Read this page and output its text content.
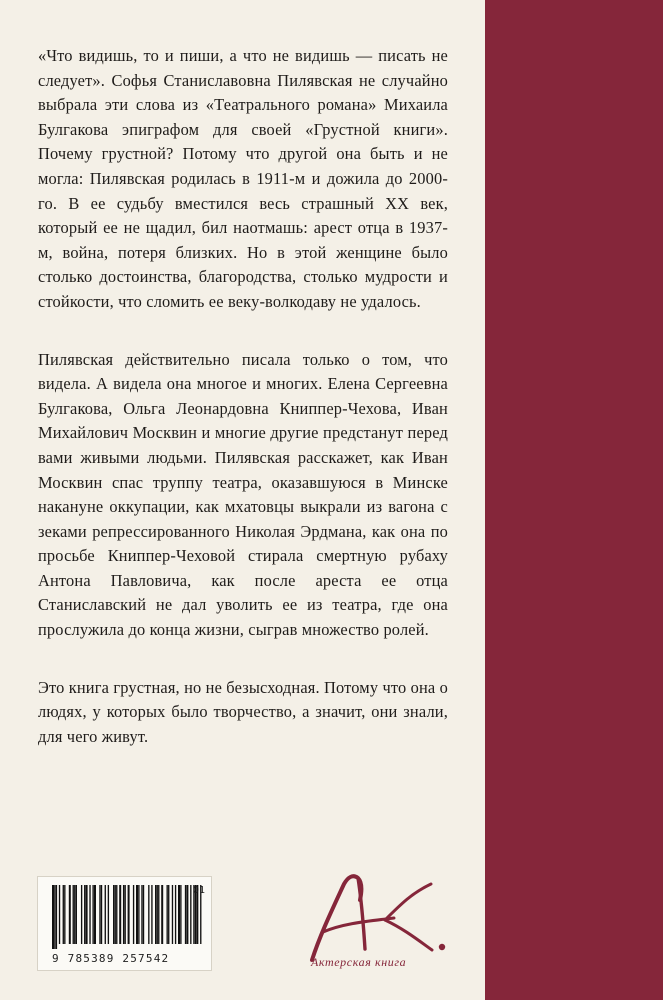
«Что видишь, то и пиши, а что не видишь — писать не следует». Софья Станиславовна Пилявская не случайно выбрала эти слова из «Театрального романа» Михаила Булгакова эпиграфом для своей «Грустной книги». Почему грустной? Потому что другой она быть и не могла: Пилявская родилась в 1911-м и дожила до 2000-го. В ее судьбу вместился весь страшный XX век, который ее не щадил, бил наотмашь: арест отца в 1937-м, война, потеря близких. Но в этой женщине было столько достоинства, благородства, столько мудрости и стойкости, что сломить ее веку-волкодаву не удалось.

Пилявская действительно писала только о том, что видела. А видела она многое и многих. Елена Сергеевна Булгакова, Ольга Леонардовна Книппер-Чехова, Иван Михайлович Москвин и многие другие предстанут перед вами живыми людьми. Пилявская расскажет, как Иван Москвин спас труппу театра, оказавшуюся в Минске накануне оккупации, как мхатовцы выкрали из вагона с зеками репрессированного Николая Эрдмана, как она по просьбе Книппер-Чеховой стирала смертную рубаху Антона Павловича, как после ареста ее отца Станиславский не дал уволить ее из театра, где она прослужила до конца жизни, сыграв множество ролей.

Это книга грустная, но не безысходная. Потому что она о людях, у которых было творчество, а значит, они знали, для чего живут.

01
9 785389 257542	Актерская книга
